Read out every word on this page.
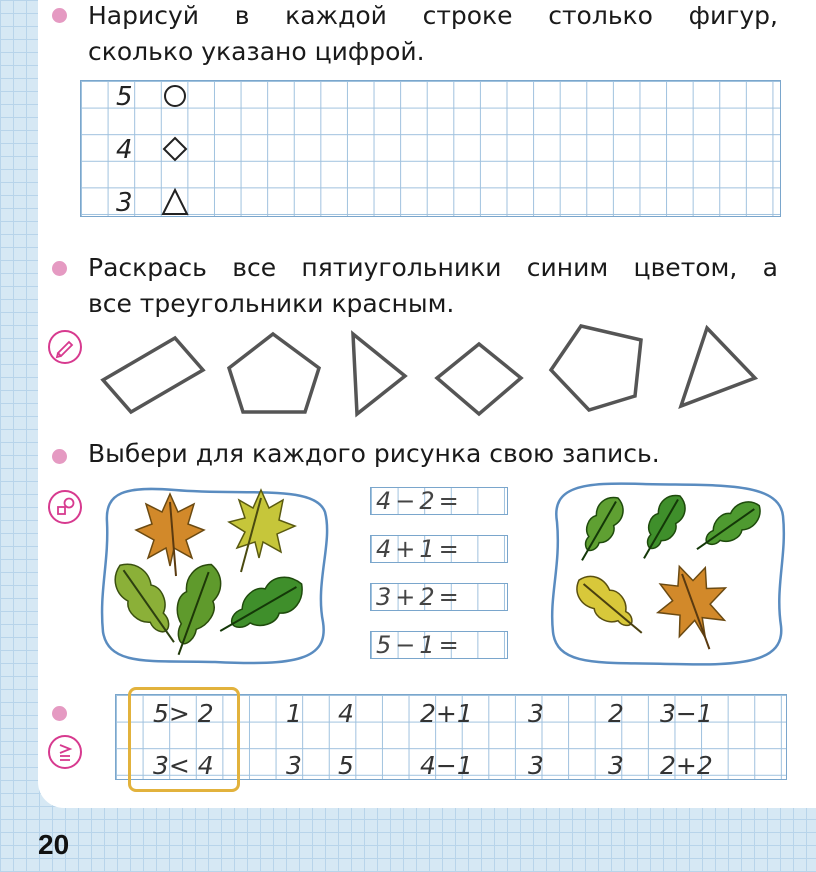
Нарисуй в каждой строке столько фигур,
сколько указано цифрой.
5
4
3
Раскрась все пятиугольники синим цветом, а
все треугольники красным.
Выбери для каждого рисунка свою запись.
4−2=
4+1=
3+2=
5−1=
5> 2
3< 4
1
3
4
5
2+1
4−1
3
3
2
3
3−1
2+2
20
